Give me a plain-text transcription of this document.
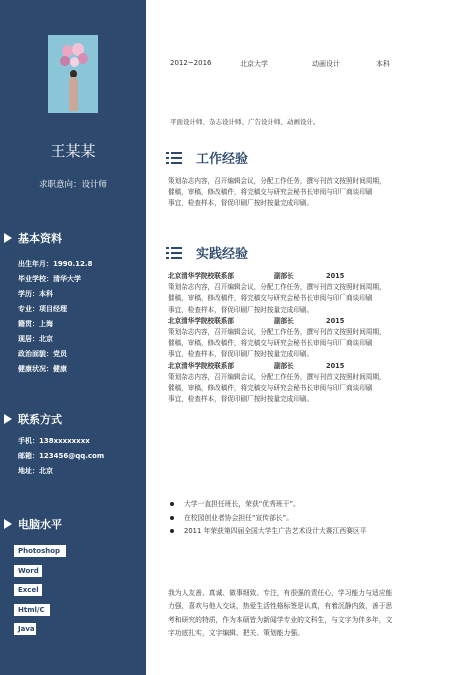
王某某
求职意向：设计师
基本资料
出生年月：1990.12.8
毕业学校：清华大学
学历：本科
专业：项目经理
籍贯：上海
现居：北京
政治面貌：党员
健康状况：健康
联系方式
手机：138xxxxxxxx
邮箱：123456@qq.com
地址：北京
电脑水平
Photoshop
Word
Excel
Html/C
Java
2012~2016	北京大学	动画设计	本科
平面设计师、杂志设计师、广告设计师、动画设计。
工作经验
策划杂志内容，召开编辑会议，分配工作任务，撰写刊首文按照时间周期，
催稿，审稿，修改稿件，将完稿交与研究会秘书长审阅与印厂商谈印刷
事宜，检查样本，督促印刷厂按时按量完成印刷。
实践经验
北京清华学院校联系部	副部长	2015
策划杂志内容，召开编辑会议，分配工作任务，撰写刊首文按照时间周期，
催稿，审稿，修改稿件，将完稿交与研究会秘书长审阅与印厂商谈印刷
事宜，检查样本，督促印刷厂按时按量完成印刷。
北京清华学院校联系部	副部长	2015
策划杂志内容，召开编辑会议，分配工作任务，撰写刊首文按照时间周期，
催稿，审稿，修改稿件，将完稿交与研究会秘书长审阅与印厂商谈印刷
事宜，检查样本，督促印刷厂按时按量完成印刷。
北京清华学院校联系部	副部长	2015
策划杂志内容，召开编辑会议，分配工作任务，撰写刊首文按照时间周期，
催稿，审稿，修改稿件，将完稿交与研究会秘书长审阅与印厂商谈印刷
事宜，检查样本，督促印刷厂按时按量完成印刷。
大学一直担任班长，荣获“优秀班干”。
在校园创业者协会担任“宣传部长”。
2011 年荣获第四届全国大学生广告艺术设计大赛江西赛区平
我为人友善、真诚、做事细致、专注，有很强的责任心，学习能力与适应能
力强，喜欢与他人交谈，热爱生活性格标签是认真，有着沉静内敛，善于思
考和研究的特质，作为本硕皆为新闻学专业的文科生，与文字为伴多年，文
字功底扎实，文字编辑、把关、策划能力强。
